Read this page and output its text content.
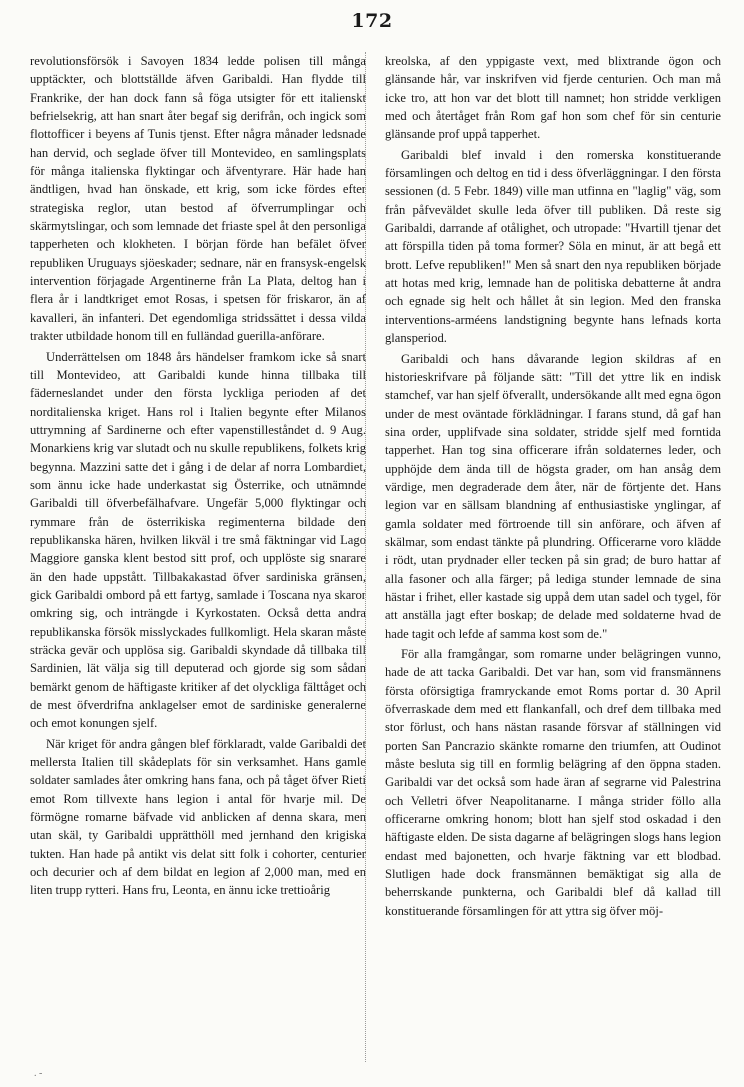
172

revolutionsförsök i Savoyen 1834 ledde polisen till många upptäckter, och blottställde äfven Garibaldi. Han flydde till Frankrike, der han dock fann så föga utsigter för ett italienskt befrielsekrig, att han snart åter begaf sig derifrån, och ingick som flottofficer i beyens af Tunis tjenst. Efter några månader ledsnade han dervid, och seglade öfver till Montevideo, en samlingsplats för många italienska flyktingar och äfventyrare. Här hade han ändtligen, hvad han önskade, ett krig, som icke fördes efter strategiska reglor, utan bestod af öfverrumplingar och skärmytslingar, och som lemnade det friaste spel åt den personliga tapperheten och klokheten. I början förde han befälet öfver republiken Uruguays sjöeskader; sednare, när en fransysk-engelsk intervention förjagade Argentinerne från La Plata, deltog han i flera år i landtkriget emot Rosas, i spetsen för friskaror, än af kavalleri, än infanteri. Det egendomliga stridssättet i dessa vilda trakter utbildade honom till en fulländad guerilla-anförare.

Underrättelsen om 1848 års händelser framkom icke så snart till Montevideo, att Garibaldi kunde hinna tillbaka till fäderneslandet under den första lyckliga perioden af det norditalienska kriget. Hans rol i Italien begynte efter Milanos uttrymning af Sardinerne och efter vapenstilleståndet d. 9 Aug. Monarkiens krig var slutadt och nu skulle republikens, folkets krig begynna. Mazzini satte det i gång i de delar af norra Lombardiet, som ännu icke hade underkastat sig Österrike, och utnämnde Garibaldi till öfverbefälhafvare. Ungefär 5,000 flyktingar och rymmare från de österrikiska regimenterna bildade den republikanska hären, hvilken likväl i tre små fäktningar vid Lago Maggiore ganska klent bestod sitt prof, och upplöste sig snarare än den hade uppstått. Tillbakakastad öfver sardiniska gränsen, gick Garibaldi ombord på ett fartyg, samlade i Toscana nya skaror omkring sig, och inträngde i Kyrkostaten. Också detta andra republikanska försök misslyckades fullkomligt. Hela skaran måste sträcka gevär och upplösa sig. Garibaldi skyndade då tillbaka till Sardinien, lät välja sig till deputerad och gjorde sig som sådan bemärkt genom de häftigaste kritiker af det olyckliga fälttåget och de mest öfverdrifna anklagelser emot de sardiniske generalerne och emot konungen sjelf.

När kriget för andra gången blef förklaradt, valde Garibaldi det mellersta Italien till skådeplats för sin verksamhet. Hans gamle soldater samlades åter omkring hans fana, och på tåget öfver Rieti emot Rom tillvexte hans legion i antal för hvarje mil. De förmögne romarne bäfvade vid anblicken af denna skara, men utan skäl, ty Garibaldi upprätthöll med jernhand den krigiska tukten. Han hade på antikt vis delat sitt folk i cohorter, centurier och decurier och af dem bildat en legion af 2,000 man, med en liten trupp rytteri. Hans fru, Leonta, en ännu icke trettioårig

kreolska, af den yppigaste vext, med blixtrande ögon och glänsande hår, var inskrifven vid fjerde centurien. Och man må icke tro, att hon var det blott till namnet; hon stridde verkligen med och återtåget från Rom gaf hon som chef för sin centurie glänsande prof uppå tapperhet.

Garibaldi blef invald i den romerska konstituerande församlingen och deltog en tid i dess öfverläggningar. I den första sessionen (d. 5 Febr. 1849) ville man utfinna en "laglig" väg, som från påfveväldet skulle leda öfver till publiken. Då reste sig Garibaldi, darrande af otålighet, och utropade: "Hvartill tjenar det att förspilla tiden på toma former? Söla en minut, är att begå ett brott. Lefve republiken!" Men så snart den nya republiken började att hotas med krig, lemnade han de politiska debatterne åt andra och egnade sig helt och hållet åt sin legion. Med den franska interventions-arméens landstigning begynte hans lefnads korta glansperiod.

Garibaldi och hans dåvarande legion skildras af en historieskrifvare på följande sätt: "Till det yttre lik en indisk stamchef, var han sjelf öfverallt, undersökande allt med egna ögon under de mest oväntade förklädningar. I farans stund, då gaf han sina order, upplifvade sina soldater, stridde sjelf med forntida tapperhet. Han tog sina officerare ifrån soldaternes leder, och upphöjde dem ända till de högsta grader, om han ansåg dem värdige, men degraderade dem åter, när de förtjente det. Hans legion var en sällsam blandning af enthusiastiske ynglingar, af gamla soldater med förtroende till sin anförare, och äfven af skälmar, som endast tänkte på plundring. Officerarne voro klädde i rödt, utan prydnader eller tecken på sin grad; de buro hattar af alla fasoner och alla färger; på lediga stunder lemnade de sina hästar i frihet, eller kastade sig uppå dem utan sadel och tygel, för att anställa jagt efter boskap; de delade med soldaterne hvad de hade tagit och lefde af samma kost som de."

För alla framgångar, som romarne under belägringen vunno, hade de att tacka Garibaldi. Det var han, som vid fransmännens första oförsigtiga framryckande emot Roms portar d. 30 April öfverraskade dem med ett flankanfall, och dref dem tillbaka med stor förlust, och hans nästan rasande försvar af ställningen vid porten San Pancrazio skänkte romarne den triumfen, att Oudinot måste besluta sig till en formlig belägring af den öppna staden. Garibaldi var det också som hade äran af segrarne vid Palestrina och Velletri öfver Neapolitanarne. I många strider föllo alla officerarne omkring honom; blott han sjelf stod oskadad i den häftigaste elden. De sista dagarne af belägringen slogs hans legion endast med bajonetten, och hvarje fäktning var ett blodbad. Slutligen hade dock fransmännen bemäktigat sig alla de beherrskande punkterna, och Garibaldi blef då kallad till konstituerande församlingen för att yttra sig öfver möj-

. -
